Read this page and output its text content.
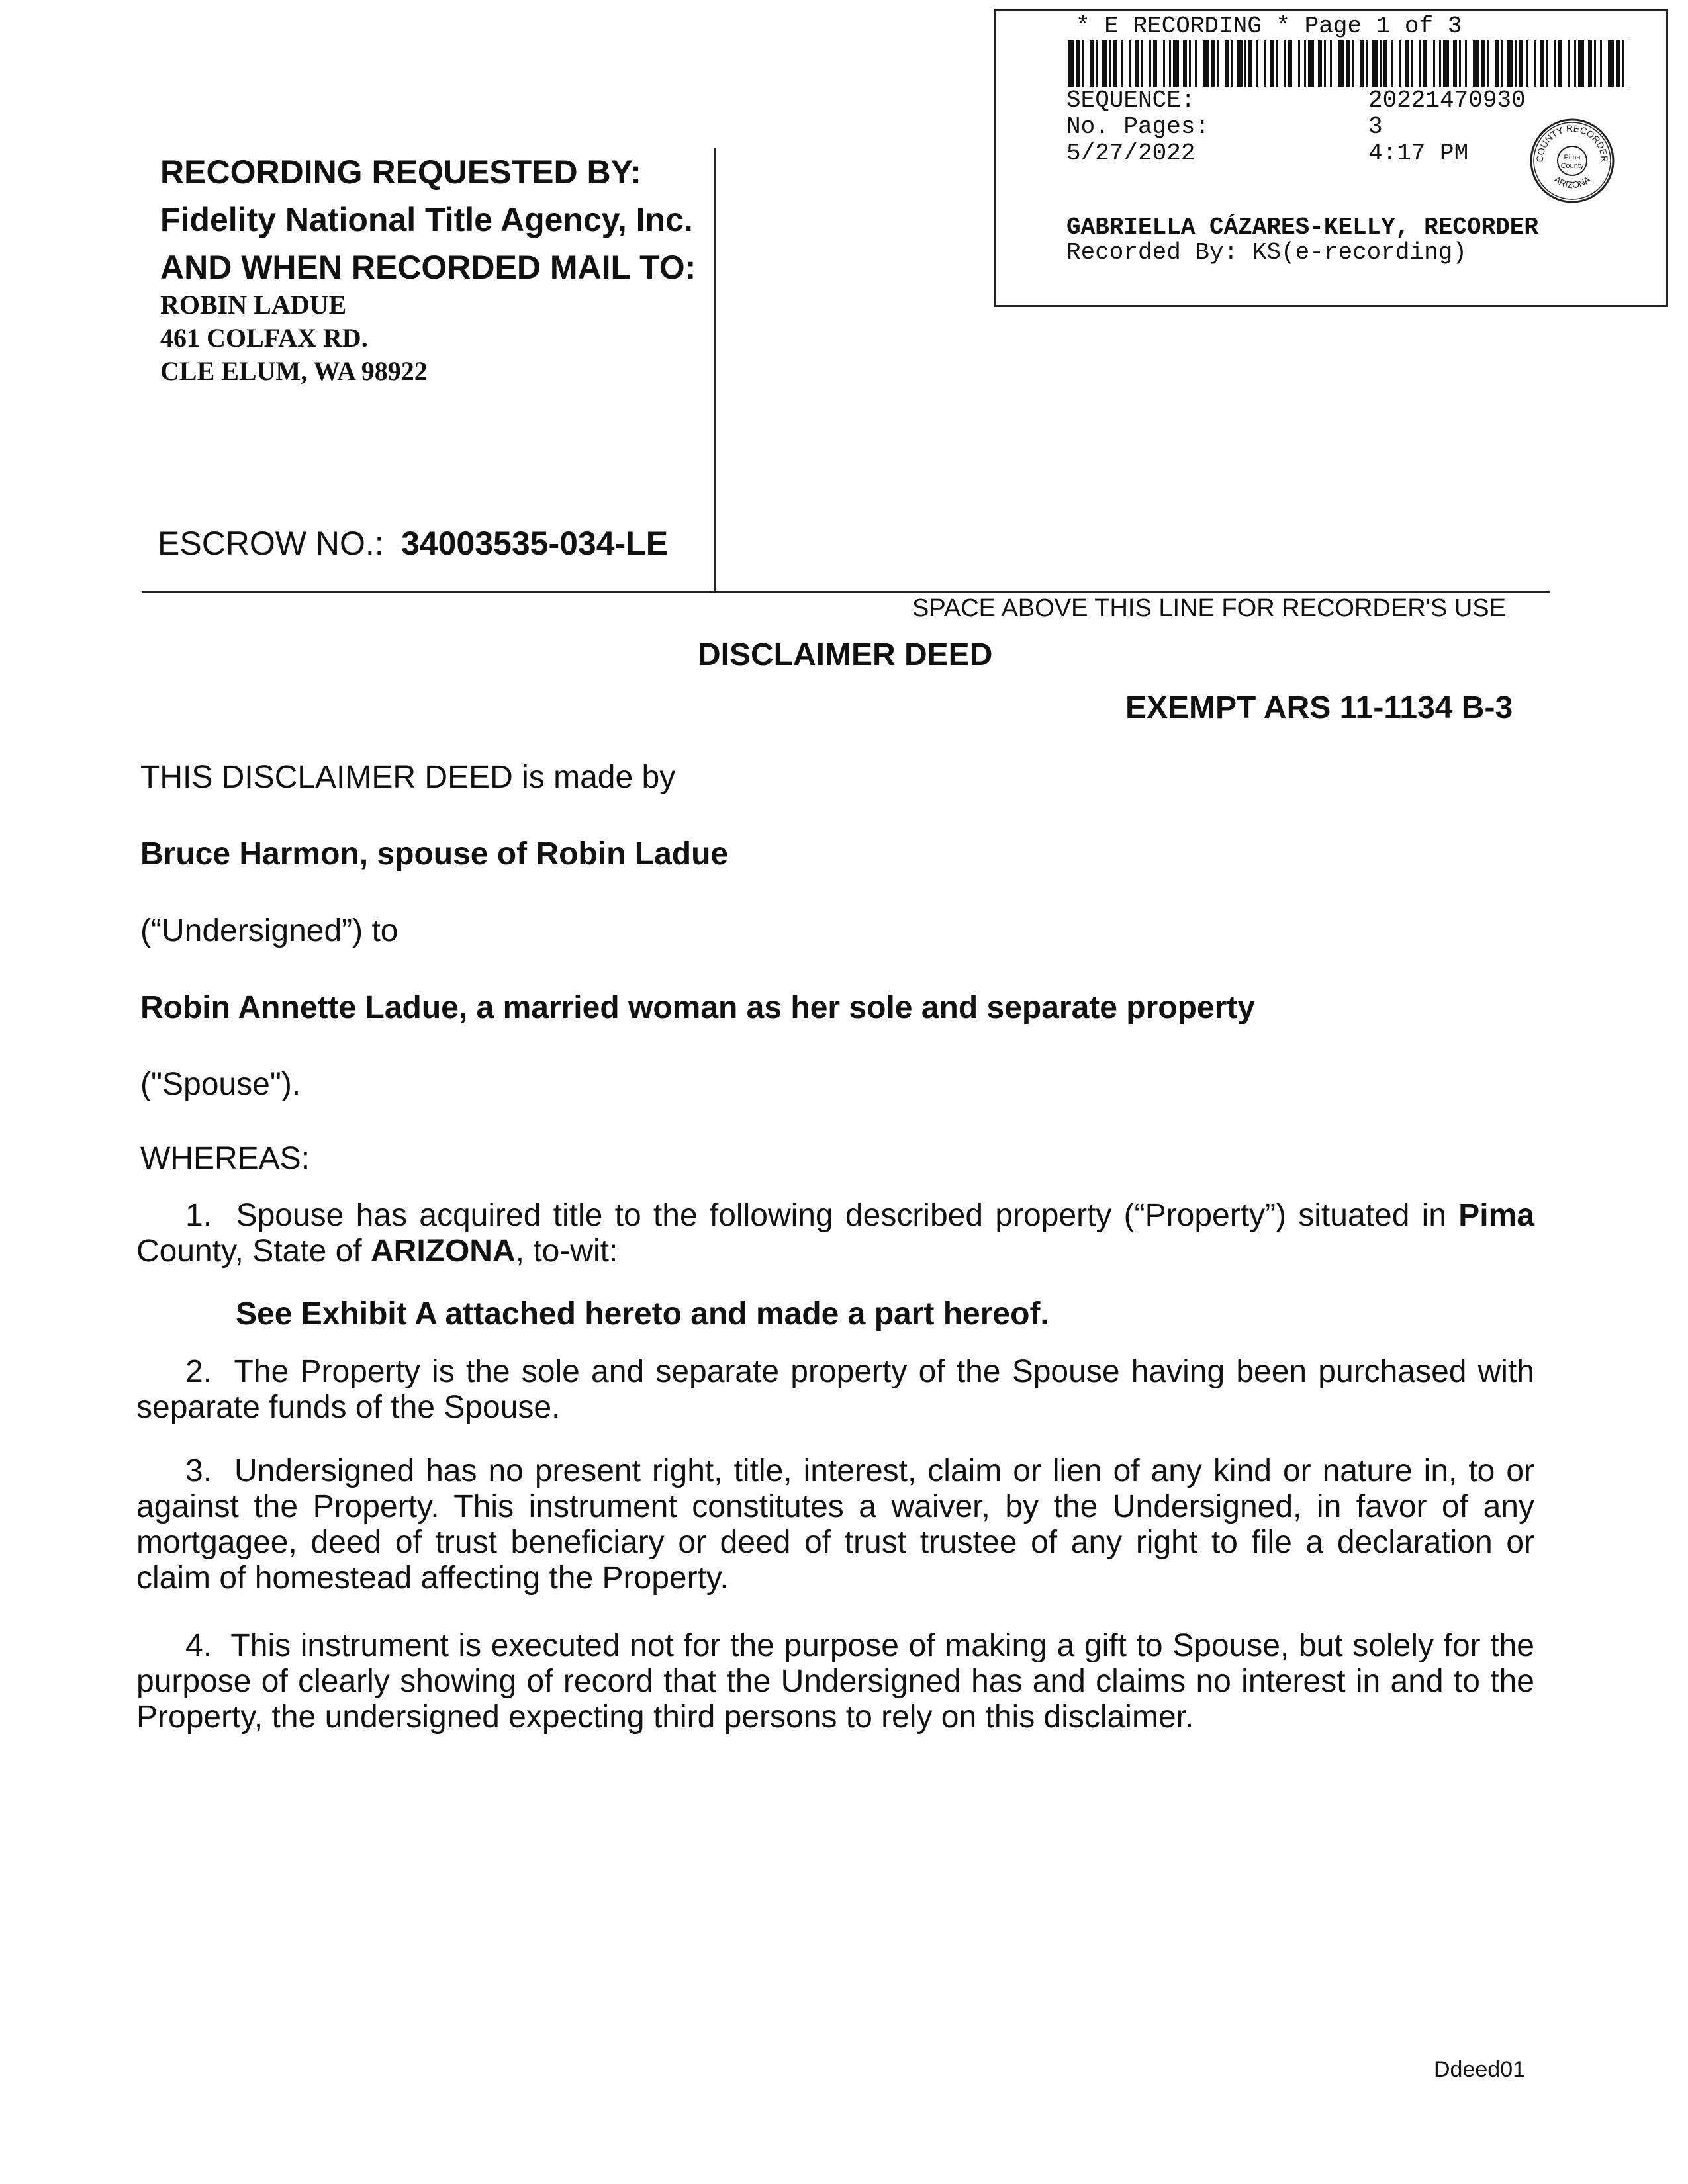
* E RECORDING * Page 1 of 3
SEQUENCE:	20221470930
No. Pages:	3
5/27/2022	4:17 PM	COUNTY RECORDER
ARIZONA
Pima
County
GABRIELLA CÁZARES-KELLY, RECORDER
Recorded By: KS(e-recording)
RECORDING REQUESTED BY:
Fidelity National Title Agency, Inc.
AND WHEN RECORDED MAIL TO:
ROBIN LADUE
461 COLFAX RD.
CLE ELUM, WA 98922
ESCROW NO.: 34003535-034-LE
SPACE ABOVE THIS LINE FOR RECORDER'S USE
DISCLAIMER DEED
EXEMPT ARS 11-1134 B-3
THIS DISCLAIMER DEED is made by
Bruce Harmon, spouse of Robin Ladue
(“Undersigned”) to
Robin Annette Ladue, a married woman as her sole and separate property
("Spouse").
WHEREAS:
1. Spouse has acquired title to the following described property (“Property”) situated in Pima County, State of ARIZONA, to-wit:
See Exhibit A attached hereto and made a part hereof.
2. The Property is the sole and separate property of the Spouse having been purchased with separate funds of the Spouse.
3. Undersigned has no present right, title, interest, claim or lien of any kind or nature in, to or against the Property. This instrument constitutes a waiver, by the Undersigned, in favor of any mortgagee, deed of trust beneficiary or deed of trust trustee of any right to file a declaration or claim of homestead affecting the Property.
4. This instrument is executed not for the purpose of making a gift to Spouse, but solely for the purpose of clearly showing of record that the Undersigned has and claims no interest in and to the Property, the undersigned expecting third persons to rely on this disclaimer.
Ddeed01
